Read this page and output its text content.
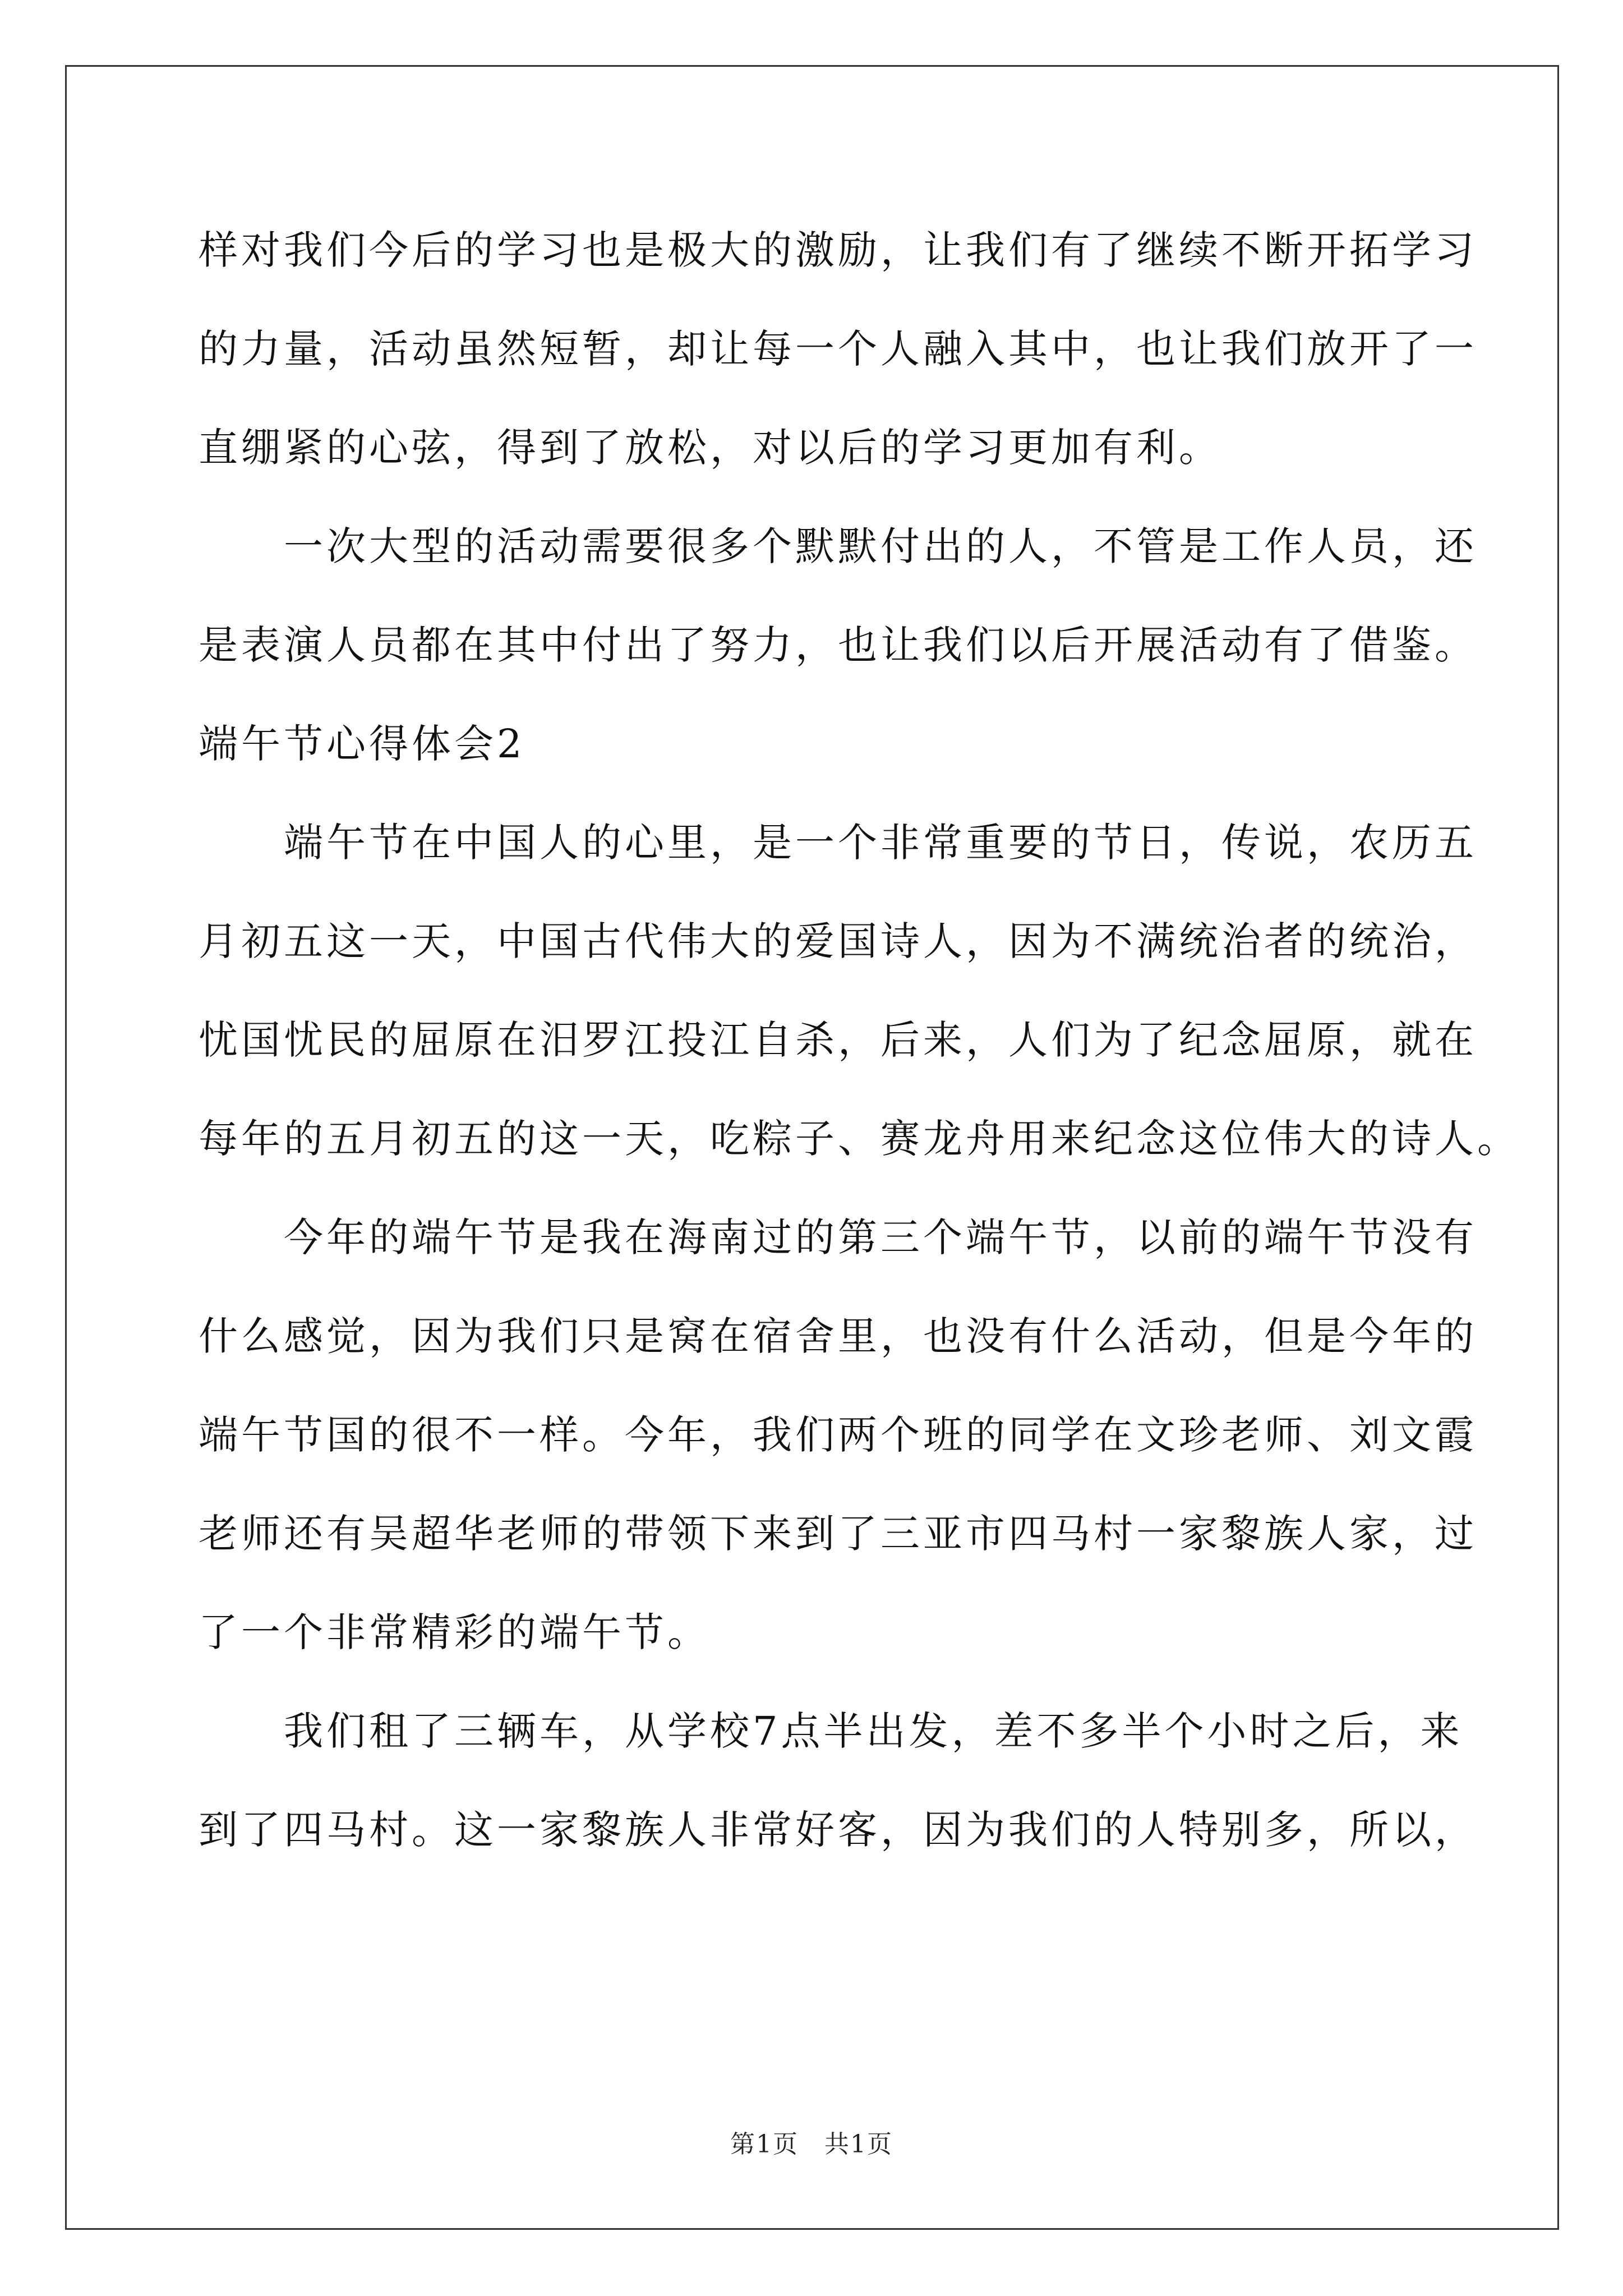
样对我们今后的学习也是极大的激励，让我们有了继续不断开拓学习
的力量，活动虽然短暂，却让每一个人融入其中，也让我们放开了一
直绷紧的心弦，得到了放松，对以后的学习更加有利。
一次大型的活动需要很多个默默付出的人，不管是工作人员，还
是表演人员都在其中付出了努力，也让我们以后开展活动有了借鉴。
端午节心得体会2
端午节在中国人的心里，是一个非常重要的节日，传说，农历五
月初五这一天，中国古代伟大的爱国诗人，因为不满统治者的统治，
忧国忧民的屈原在汨罗江投江自杀，后来，人们为了纪念屈原，就在
每年的五月初五的这一天，吃粽子、赛龙舟用来纪念这位伟大的诗人。
今年的端午节是我在海南过的第三个端午节，以前的端午节没有
什么感觉，因为我们只是窝在宿舍里，也没有什么活动，但是今年的
端午节国的很不一样。今年，我们两个班的同学在文珍老师、刘文霞
老师还有吴超华老师的带领下来到了三亚市四马村一家黎族人家，过
了一个非常精彩的端午节。
我们租了三辆车，从学校7点半出发，差不多半个小时之后，来
到了四马村。这一家黎族人非常好客，因为我们的人特别多，所以，
第1页　共1页
